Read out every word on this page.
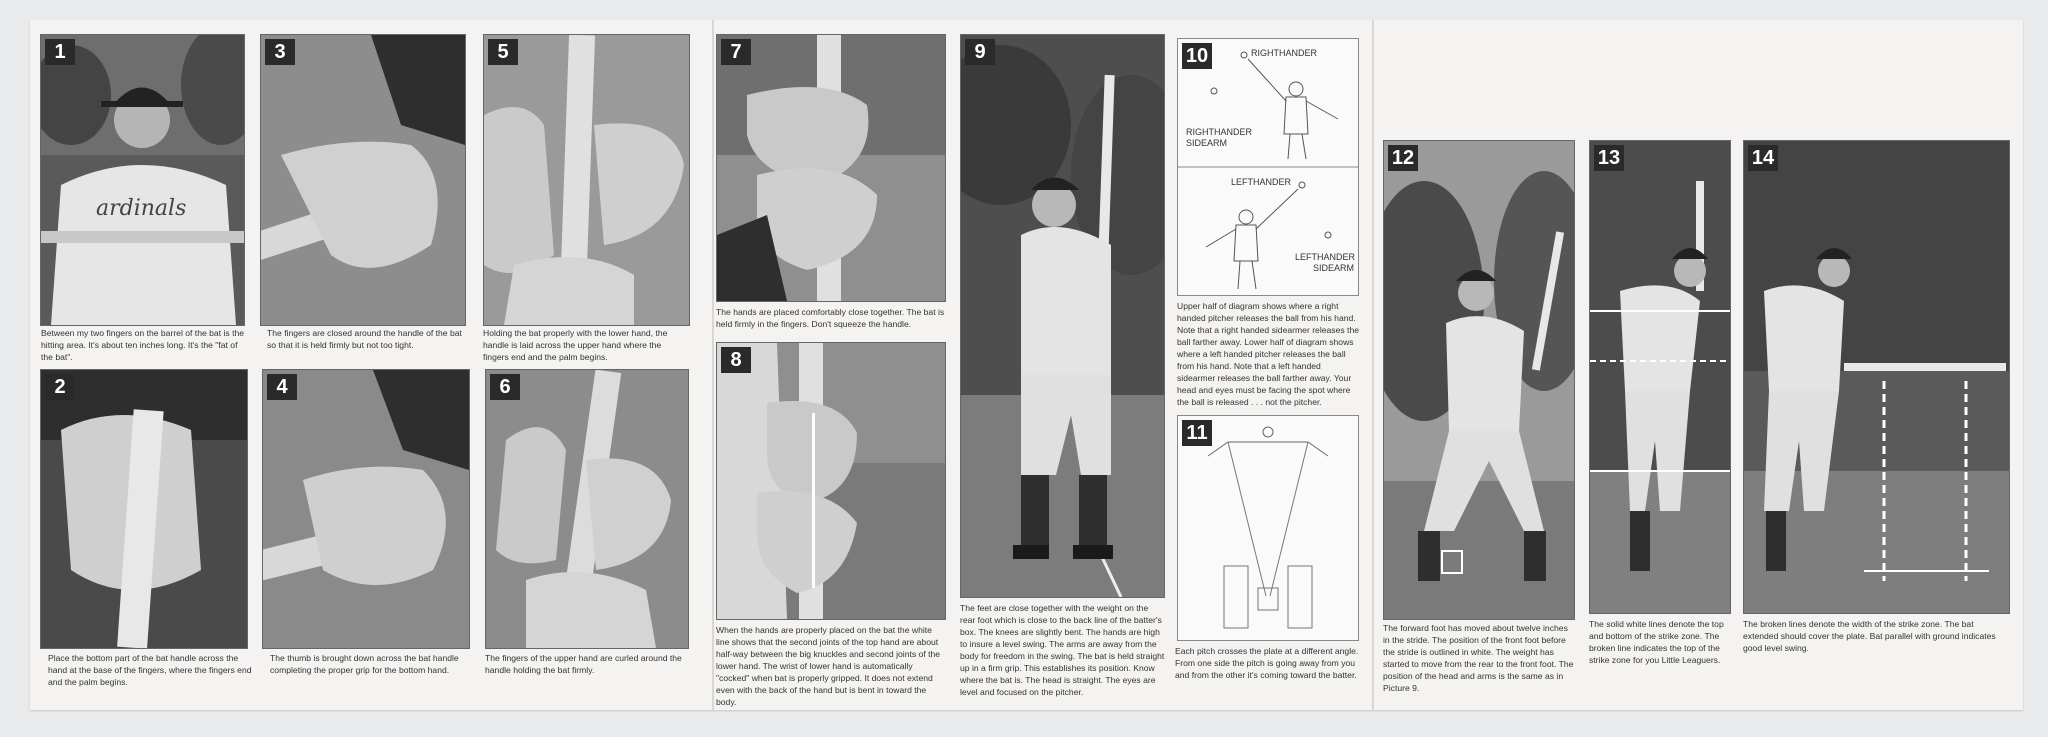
ardinals
1
Between my two fingers on the barrel of the bat is the hitting area. It's about ten inches long. It's the "fat of the bat".
2
Place the bottom part of the bat handle across the hand at the base of the fingers, where the fingers end and the palm begins.
3
The fingers are closed around the handle of the bat so that it is held firmly but not too tight.
4
The thumb is brought down across the bat handle completing the proper grip for the bottom hand.
5
Holding the bat properly with the lower hand, the handle is laid across the upper hand where the fingers end and the palm begins.
6
The fingers of the upper hand are curled around the handle holding the bat firmly.
7
The hands are placed comfortably close together. The bat is held firmly in the fingers. Don't squeeze the handle.
8
When the hands are properly placed on the bat the white line shows that the second joints of the top hand are about half-way between the big knuckles and second joints of the lower hand. The wrist of lower hand is automatically "cocked" when bat is properly gripped. It does not extend even with the back of the hand but is bent in toward the body.
9
The feet are close together with the weight on the rear foot which is close to the back line of the batter's box. The knees are slightly bent. The hands are high to insure a level swing. The arms are away from the body for freedom in the swing. The bat is held straight up in a firm grip. This establishes its position. Know where the bat is. The head is straight. The eyes are level and focused on the pitcher.
10	RIGHTHANDER
RIGHTHANDER
SIDEARM
LEFTHANDER
LEFTHANDER
SIDEARM
Upper half of diagram shows where a right handed pitcher releases the ball from his hand. Note that a right handed sidearmer releases the ball farther away. Lower half of diagram shows where a left handed pitcher releases the ball from his hand. Note that a left handed sidearmer releases the ball farther away. Your head and eyes must be facing the spot where the ball is released . . . not the pitcher.
11
Each pitch crosses the plate at a different angle. From one side the pitch is going away from you and from the other it's coming toward the batter.
12
The forward foot has moved about twelve inches in the stride. The position of the front foot before the stride is outlined in white. The weight has started to move from the rear to the front foot. The position of the head and arms is the same as in Picture 9.
13
The solid white lines denote the top and bottom of the strike zone. The broken line indicates the top of the strike zone for you Little Leaguers.
14
The broken lines denote the width of the strike zone. The bat extended should cover the plate. Bat parallel with ground indicates good level swing.
